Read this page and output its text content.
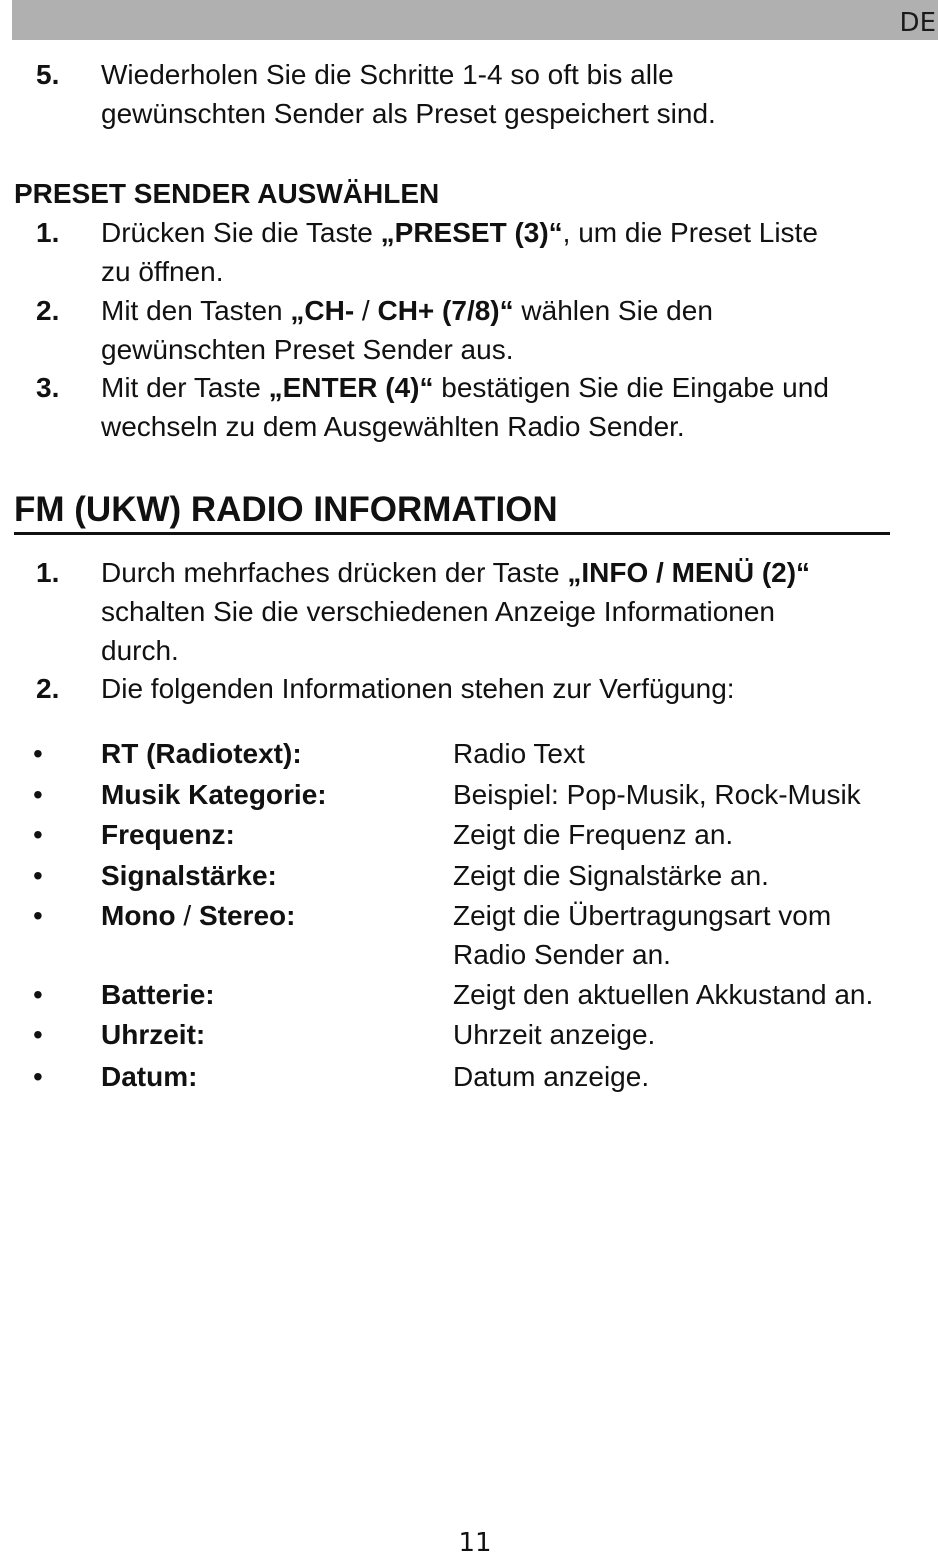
DE
5. Wiederholen Sie die Schritte 1-4 so oft bis alle
gewünschten Sender als Preset gespeichert sind.
PRESET SENDER AUSWÄHLEN
1. Drücken Sie die Taste „PRESET (3)“, um die Preset Liste
zu öffnen.
2. Mit den Tasten „CH- / CH+ (7/8)“ wählen Sie den
gewünschten Preset Sender aus.
3. Mit der Taste „ENTER (4)“ bestätigen Sie die Eingabe und
wechseln zu dem Ausgewählten Radio Sender.
FM (UKW) RADIO INFORMATION
1. Durch mehrfaches drücken der Taste „INFO / MENÜ (2)“
schalten Sie die verschiedenen Anzeige Informationen
durch.
2. Die folgenden Informationen stehen zur Verfügung:
• RT (Radiotext):	Radio Text
• Musik Kategorie:	Beispiel: Pop-Musik, Rock-Musik
• Frequenz:	Zeigt die Frequenz an.
• Signalstärke:	Zeigt die Signalstärke an.
• Mono / Stereo:	Zeigt die Übertragungsart vom
Radio Sender an.
• Batterie:	Zeigt den aktuellen Akkustand an.
• Uhrzeit:	Uhrzeit anzeige.
• Datum:	Datum anzeige.
11
